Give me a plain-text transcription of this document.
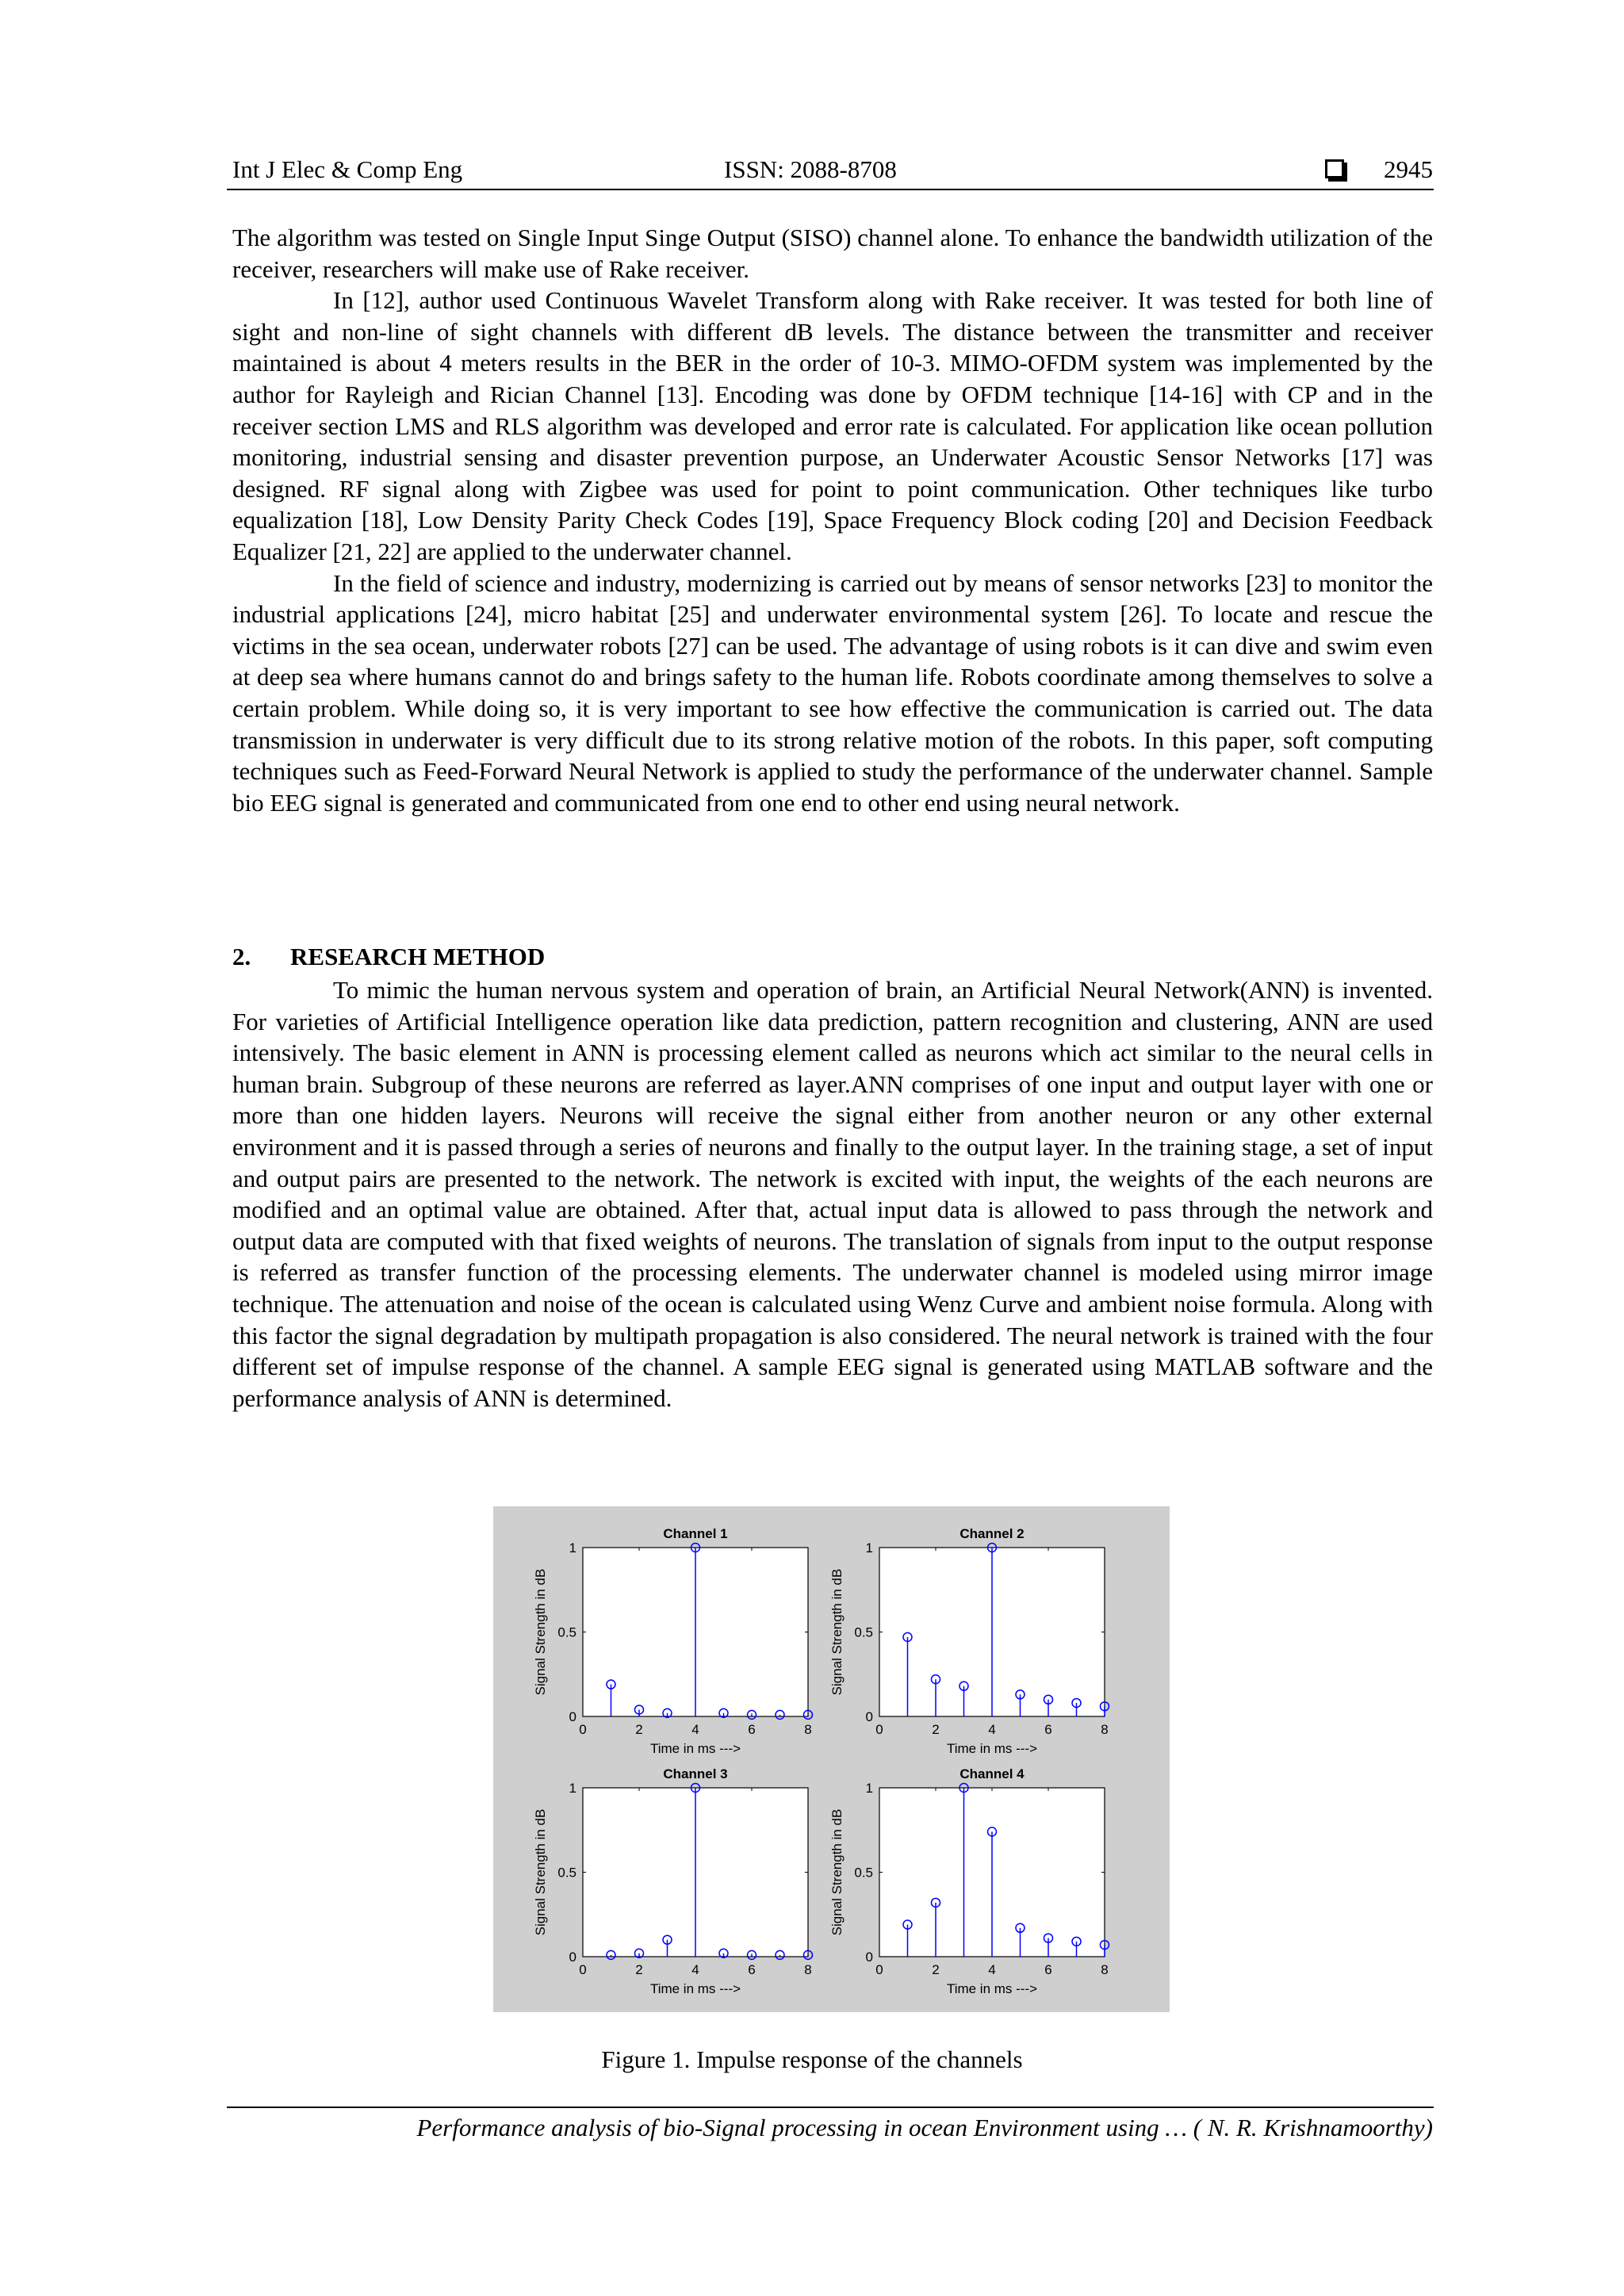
Int J Elec & Comp Eng	ISSN: 2088-8708	2945

The algorithm was tested on Single Input Singe Output (SISO) channel alone. To enhance the bandwidth utilization of the receiver, researchers will make use of Rake receiver.

In [12], author used Continuous Wavelet Transform along with Rake receiver. It was tested for both line of sight and non-line of sight channels with different dB levels. The distance between the transmitter and receiver maintained is about 4 meters results in the BER in the order of 10-3. MIMO-OFDM system was implemented by the author for Rayleigh and Rician Channel [13]. Encoding was done by OFDM technique [14-16] with CP and in the receiver section LMS and RLS algorithm was developed and error rate is calculated. For application like ocean pollution monitoring, industrial sensing and disaster prevention purpose, an Underwater Acoustic Sensor Networks [17] was designed. RF signal along with Zigbee was used for point to point communication. Other techniques like turbo equalization [18], Low Density Parity Check Codes [19], Space Frequency Block coding [20] and Decision Feedback Equalizer [21, 22] are applied to the underwater channel.

In the field of science and industry, modernizing is carried out by means of sensor networks [23] to monitor the industrial applications [24], micro habitat [25] and underwater environmental system [26]. To locate and rescue the victims in the sea ocean, underwater robots [27] can be used. The advantage of using robots is it can dive and swim even at deep sea where humans cannot do and brings safety to the human life. Robots coordinate among themselves to solve a certain problem. While doing so, it is very important to see how effective the communication is carried out. The data transmission in underwater is very difficult due to its strong relative motion of the robots. In this paper, soft computing techniques such as Feed-Forward Neural Network is applied to study the performance of the underwater channel. Sample bio EEG signal is generated and communicated from one end to other end using neural network.

2. RESEARCH METHOD

To mimic the human nervous system and operation of brain, an Artificial Neural Network(ANN) is invented. For varieties of Artificial Intelligence operation like data prediction, pattern recognition and clustering, ANN are used intensively. The basic element in ANN is processing element called as neurons which act similar to the neural cells in human brain. Subgroup of these neurons are referred as layer.ANN comprises of one input and output layer with one or more than one hidden layers. Neurons will receive the signal either from another neuron or any other external environment and it is passed through a series of neurons and finally to the output layer. In the training stage, a set of input and output pairs are presented to the network. The network is excited with input, the weights of the each neurons are modified and an optimal value are obtained. After that, actual input data is allowed to pass through the network and output data are computed with that fixed weights of neurons. The translation of signals from input to the output response is referred as transfer function of the processing elements. The underwater channel is modeled using mirror image technique. The attenuation and noise of the ocean is calculated using Wenz Curve and ambient noise formula. Along with this factor the signal degradation by multipath propagation is also considered. The neural network is trained with the four different set of impulse response of the channel. A sample EEG signal is generated using MATLAB software and the performance analysis of ANN is determined.

Channel 1
0	2	4	6	8
0
0.5
1
Time in ms --->
Signal Strength in dB
Channel 2
0	2	4	6	8
0
0.5
1
Time in ms --->
Signal Strength in dB
Channel 3
0	2	4	6	8
0
0.5
1
Time in ms --->
Signal Strength in dB
Channel 4
0	2	4	6	8
0
0.5
1
Time in ms --->
Signal Strength in dB
Figure 1. Impulse response of the channels
Performance analysis of bio-Signal processing in ocean Environment using … ( N. R. Krishnamoorthy)
